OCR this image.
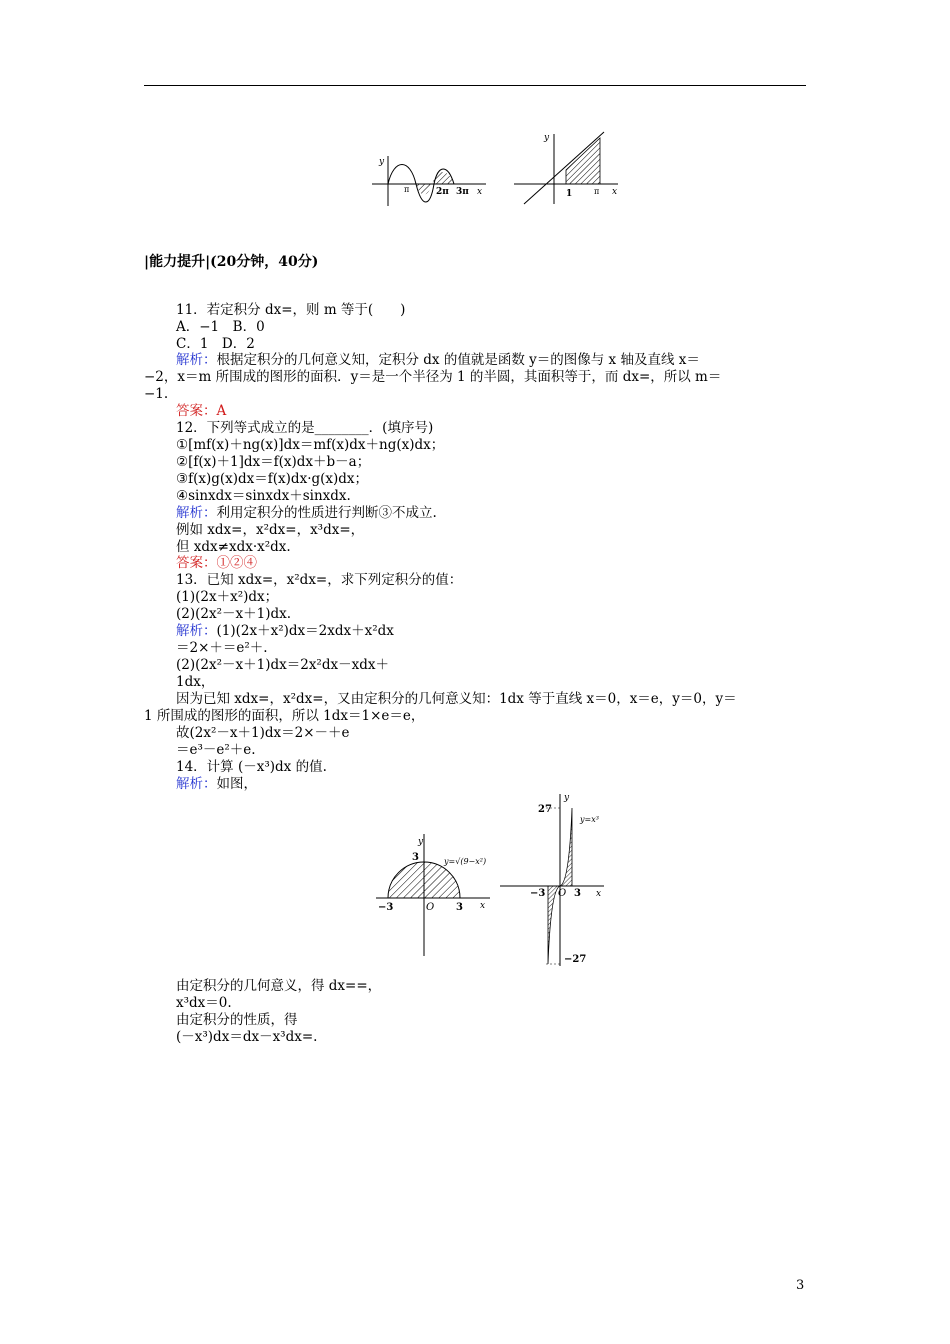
y
x
π	2π 3π
y
x
1	π
|能力提升|(20分钟，40分)
11．若定积分 dx=，则 m 等于(　　)
A．−1　B．0
C．1　D．2
解析：根据定积分的几何意义知，定积分 dx 的值就是函数 y＝的图像与 x 轴及直线 x＝
−2，x＝m 所围成的图形的面积．y＝是一个半径为 1 的半圆，其面积等于，而 dx=，所以 m＝
−1.
答案：A
12．下列等式成立的是________．(填序号)
①[mf(x)＋ng(x)]dx＝mf(x)dx＋ng(x)dx；
②[f(x)＋1]dx＝f(x)dx＋b－a；
③f(x)g(x)dx＝f(x)dx·g(x)dx；
④sinxdx＝sinxdx＋sinxdx.
解析：利用定积分的性质进行判断③不成立.
例如 xdx=，x²dx=，x³dx=，
但 xdx≠xdx·x²dx.
答案：①②④
13．已知 xdx=，x²dx=，求下列定积分的值：
(1)(2x＋x²)dx；
(2)(2x²－x＋1)dx.
解析：(1)(2x＋x²)dx＝2xdx＋x²dx
＝2×＋＝e²＋.
(2)(2x²－x＋1)dx＝2x²dx－xdx＋
1dx，
因为已知 xdx=，x²dx=，又由定积分的几何意义知：1dx 等于直线 x＝0，x＝e，y＝0，y＝
1 所围成的图形的面积，所以 1dx＝1×e＝e，
故(2x²－x＋1)dx＝2×－＋e
＝e³－e²＋e.
14．计算 (－x³)dx 的值.
解析：如图，
y
x
3
−3	O 3
y=√(9−x²)
y
x
27
−3 O 3
−27
y=x³
由定积分的几何意义，得 dx==，
x³dx＝0.
由定积分的性质，得
(－x³)dx＝dx－x³dx=.
3
